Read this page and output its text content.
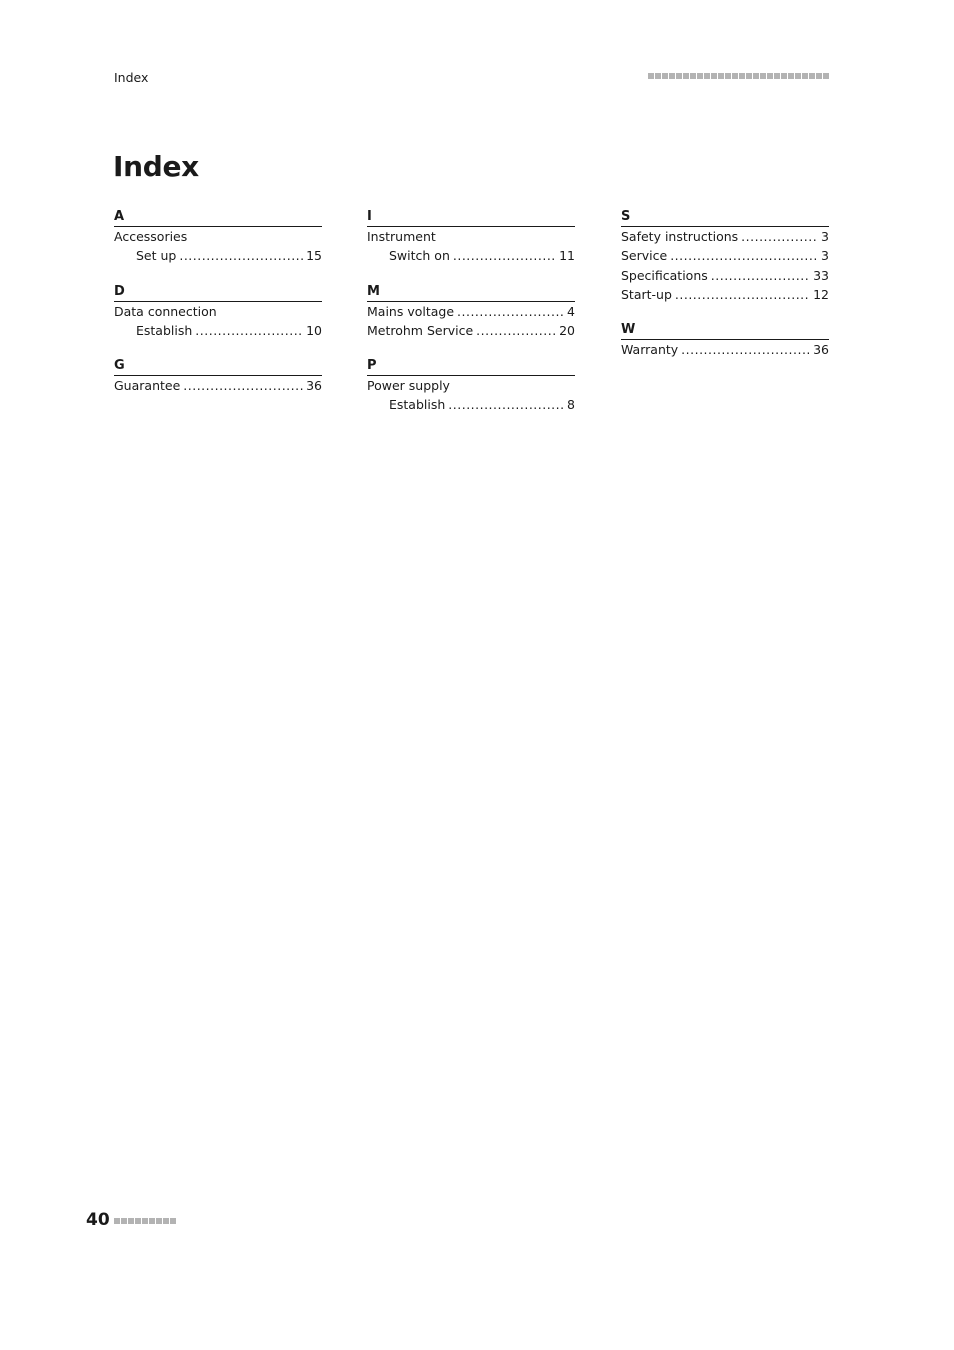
Index
Index
A
Accessories
Set up .....	15
D
Data connection
Establish .....	10
G
Guarantee .....	36
I
Instrument
Switch on .....	11
M
Mains voltage .....	4
Metrohm Service .....	20
P
Power supply
Establish .....	8
S
Safety instructions .....	3
Service .....	3
Specifications .....	33
Start-up .....	12
W
Warranty .....	36
40
